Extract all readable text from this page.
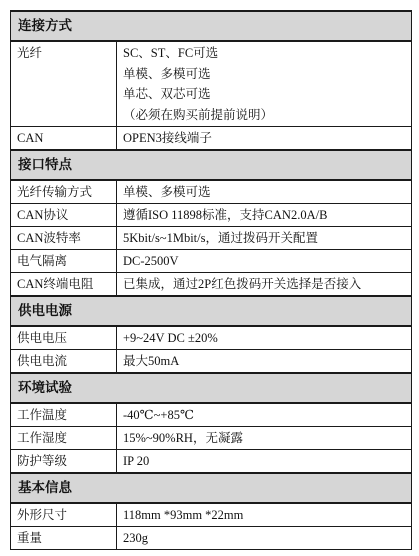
连接方式	
光纤	SC、ST、FC可选
单模、多模可选
单芯、双芯可选
（必须在购买前提前说明）

CAN	OPEN3接线端子
接口特点	
光纤传输方式	单模、多模可选
CAN协议	遵循ISO 11898标准，支持CAN2.0A/B
CAN波特率	5Kbit/s~1Mbit/s，通过拨码开关配置
电气隔离	DC-2500V
CAN终端电阻	已集成，通过2P红色拨码开关选择是否接入
供电电源	
供电电压	+9~24V DC ±20%
供电电流	最大50mA
环境试验	
工作温度	-40℃~+85℃
工作湿度	15%~90%RH，无凝露
防护等级	IP 20
基本信息	
外形尺寸	118mm *93mm *22mm
重量	230g
